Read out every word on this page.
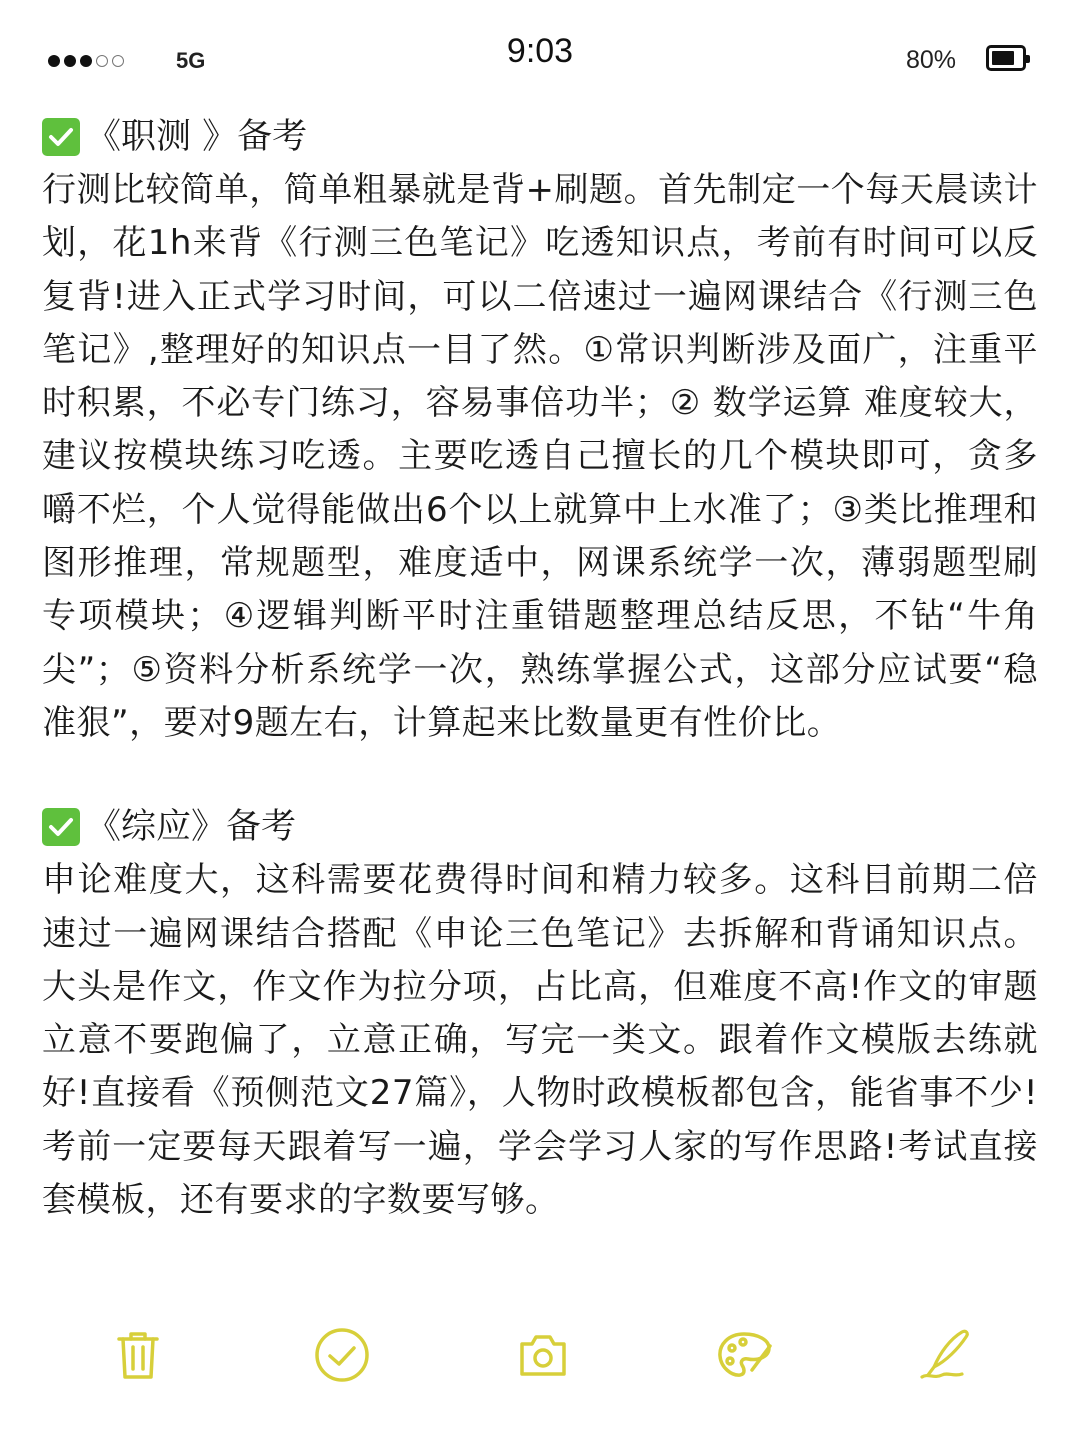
5G	9:03	80%
《职测 》备考
行测比较简单，简单粗暴就是背+刷题。首先制定一个每天晨读计划，花1h来背《行测三色笔记》吃透知识点，考前有时间可以反复背!进入正式学习时间，可以二倍速过一遍网课结合《行测三色笔记》,整理好的知识点一目了然。①常识判断涉及面广，注重平时积累，不必专门练习，容易事倍功半；② 数学运算 难度较大，建议按模块练习吃透。主要吃透自己擅长的几个模块即可，贪多嚼不烂，个人觉得能做出6个以上就算中上水准了；③类比推理和图形推理，常规题型，难度适中，网课系统学一次，薄弱题型刷专项模块；④逻辑判断平时注重错题整理总结反思，不钻“牛角尖”；⑤资料分析系统学一次，熟练掌握公式，这部分应试要“稳准狠”，要对9题左右，计算起来比数量更有性价比。
《综应》备考
申论难度大，这科需要花费得时间和精力较多。这科目前期二倍速过一遍网课结合搭配《申论三色笔记》去拆解和背诵知识点。大头是作文，作文作为拉分项，占比高，但难度不高!作文的审题立意不要跑偏了，立意正确，写完一类文。跟着作文模版去练就好!直接看《预侧范文27篇》，人物时政模板都包含，能省事不少!考前一定要每天跟着写一遍，学会学习人家的写作思路!考试直接套模板，还有要求的字数要写够。
